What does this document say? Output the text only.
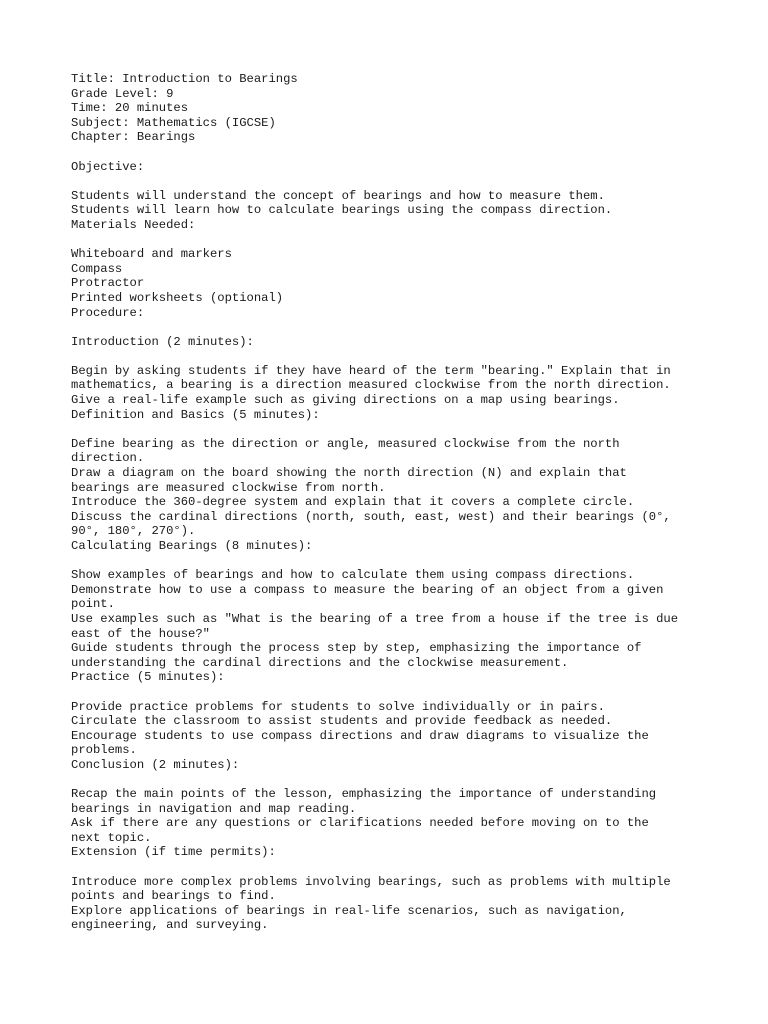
Title: Introduction to Bearings
Grade Level: 9
Time: 20 minutes
Subject: Mathematics (IGCSE)
Chapter: Bearings
Objective:
Students will understand the concept of bearings and how to measure them.
Students will learn how to calculate bearings using the compass direction.
Materials Needed:
Whiteboard and markers
Compass
Protractor
Printed worksheets (optional)
Procedure:
Introduction (2 minutes):
Begin by asking students if they have heard of the term "bearing." Explain that in
mathematics, a bearing is a direction measured clockwise from the north direction.
Give a real-life example such as giving directions on a map using bearings.
Definition and Basics (5 minutes):
Define bearing as the direction or angle, measured clockwise from the north
direction.
Draw a diagram on the board showing the north direction (N) and explain that
bearings are measured clockwise from north.
Introduce the 360-degree system and explain that it covers a complete circle.
Discuss the cardinal directions (north, south, east, west) and their bearings (0°,
90°, 180°, 270°).
Calculating Bearings (8 minutes):
Show examples of bearings and how to calculate them using compass directions.
Demonstrate how to use a compass to measure the bearing of an object from a given
point.
Use examples such as "What is the bearing of a tree from a house if the tree is due
east of the house?"
Guide students through the process step by step, emphasizing the importance of
understanding the cardinal directions and the clockwise measurement.
Practice (5 minutes):
Provide practice problems for students to solve individually or in pairs.
Circulate the classroom to assist students and provide feedback as needed.
Encourage students to use compass directions and draw diagrams to visualize the
problems.
Conclusion (2 minutes):
Recap the main points of the lesson, emphasizing the importance of understanding
bearings in navigation and map reading.
Ask if there are any questions or clarifications needed before moving on to the
next topic.
Extension (if time permits):
Introduce more complex problems involving bearings, such as problems with multiple
points and bearings to find.
Explore applications of bearings in real-life scenarios, such as navigation,
engineering, and surveying.
